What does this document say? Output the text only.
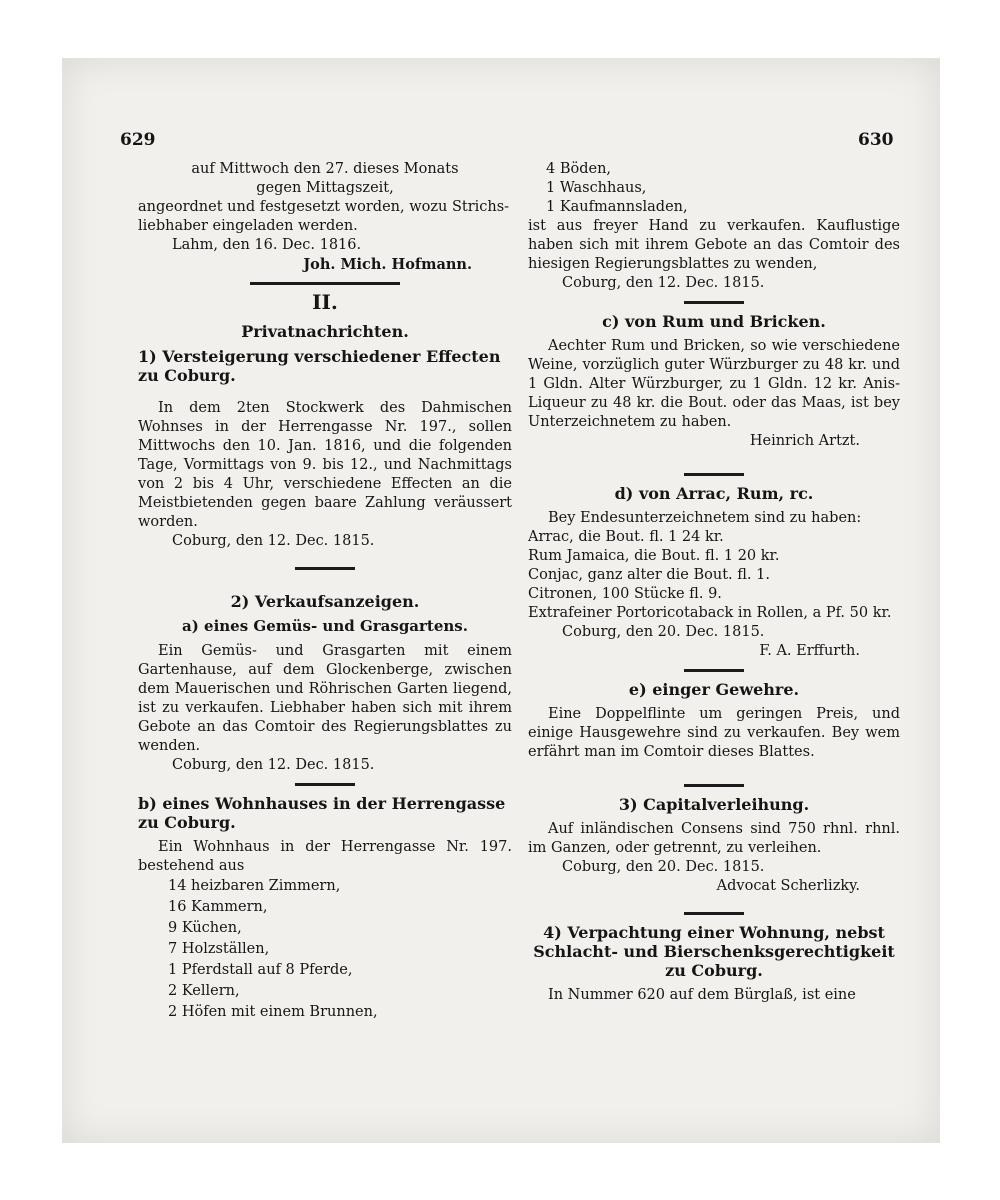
629	630

auf Mittwoch den 27. dieses Monats

gegen Mittagszeit,

angeordnet und festgesetzt worden, wozu Strichs-

liebhaber eingeladen werden.

Lahm, den 16. Dec. 1816.

Joh. Mich. Hofmann.

II.
Privatnachrichten.
1) Versteigerung verschiedener Effecten zu Coburg.

In dem 2ten Stockwerk des Dahmischen Wohnses in der Herrengasse Nr. 197., sollen Mittwochs den 10. Jan. 1816, und die folgenden Tage, Vormittags von 9. bis 12., und Nachmittags von 2 bis 4 Uhr, verschiedene Effecten an die Meistbietenden gegen baare Zahlung veräussert worden.

Coburg, den 12. Dec. 1815.

2) Verkaufsanzeigen.
a) eines Gemüs- und Grasgartens.

Ein Gemüs- und Grasgarten mit einem Gartenhause, auf dem Glockenberge, zwischen dem Mauerischen und Röhrischen Garten liegend, ist zu verkaufen. Liebhaber haben sich mit ihrem Gebote an das Comtoir des Regierungsblattes zu wenden.

Coburg, den 12. Dec. 1815.

b) eines Wohnhauses in der Herrengasse zu Coburg.

Ein Wohnhaus in der Herrengasse Nr. 197. bestehend aus

14 heizbaren Zimmern,
16 Kammern,
9 Küchen,
7 Holzställen,
1 Pferdstall auf 8 Pferde,
2 Kellern,
2 Höfen mit einem Brunnen,
4 Böden,
1 Waschhaus,
1 Kaufmannsladen,

ist aus freyer Hand zu verkaufen. Kauflustige haben sich mit ihrem Gebote an das Comtoir des hiesigen Regierungsblattes zu wenden,

Coburg, den 12. Dec. 1815.

c) von Rum und Bricken.

Aechter Rum und Bricken, so wie verschiedene Weine, vorzüglich guter Würzburger zu 48 kr. und 1 Gldn. Alter Würzburger, zu 1 Gldn. 12 kr. Anis-Liqueur zu 48 kr. die Bout. oder das Maas, ist bey Unterzeichnetem zu haben.

Heinrich Artzt.

d) von Arrac, Rum, rc.

Bey Endesunterzeichnetem sind zu haben:

Arrac, die Bout. fl. 1 24 kr.

Rum Jamaica, die Bout. fl. 1 20 kr.

Conjac, ganz alter die Bout. fl. 1.

Citronen, 100 Stücke fl. 9.

Extrafeiner Portoricotaback in Rollen, a Pf. 50 kr.

Coburg, den 20. Dec. 1815.

F. A. Erffurth.

e) einger Gewehre.

Eine Doppelflinte um geringen Preis, und einige Hausgewehre sind zu verkaufen. Bey wem erfährt man im Comtoir dieses Blattes.

3) Capitalverleihung.

Auf inländischen Consens sind 750 rhnl. rhnl. im Ganzen, oder getrennt, zu verleihen.

Coburg, den 20. Dec. 1815.

Advocat Scherlizky.

4) Verpachtung einer Wohnung, nebst Schlacht- und Bierschenksgerechtigkeit zu Coburg.

In Nummer 620 auf dem Bürglaß, ist eine
